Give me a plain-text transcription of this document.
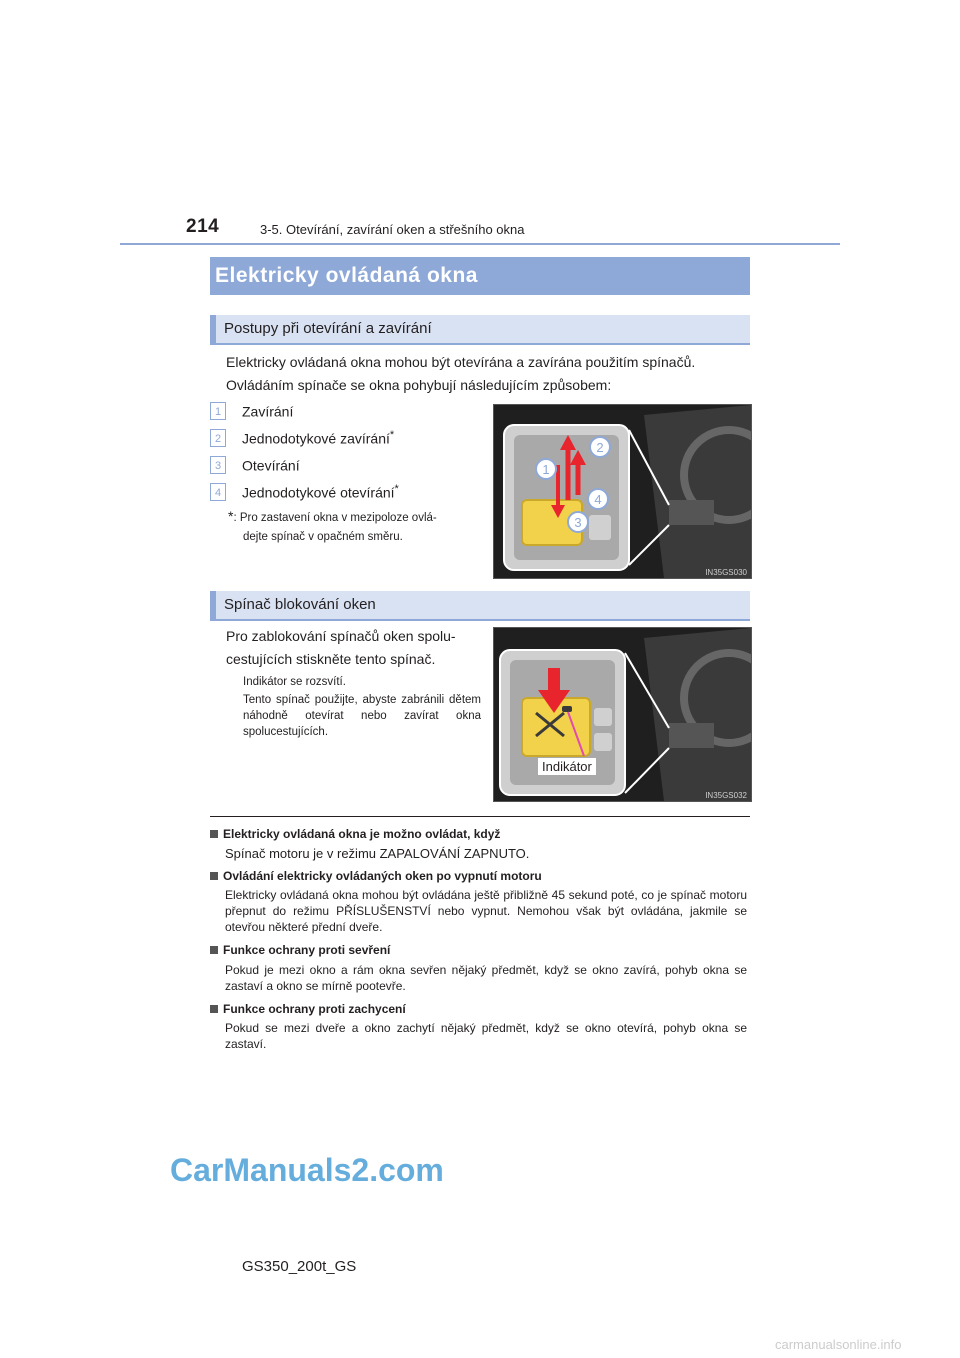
214	3-5. Otevírání, zavírání oken a střešního okna
Elektricky ovládaná okna
Postupy při otevírání a zavírání
Elektricky ovládaná okna mohou být otevírána a zavírána použitím spínačů.
Ovládáním spínače se okna pohybují následujícím způsobem:
1	Zavírání
2	Jednodotykové zavírání*
3	Otevírání
4	Jednodotykové otevírání*
*: Pro zastavení okna v mezipoloze ovlá-
dejte spínač v opačném směru.
1
2
3
4
IN35GS030
Spínač blokování oken
Pro zablokování spínačů oken spolu-
cestujících stiskněte tento spínač.
Indikátor se rozsvítí.
Tento spínač použijte, abyste zabránili dětem náhodně otevírat nebo zavírat okna spolucestujících.
Indikátor
IN35GS032
Elektricky ovládaná okna je možno ovládat, když
Spínač motoru je v režimu ZAPALOVÁNÍ ZAPNUTO.
Ovládání elektricky ovládaných oken po vypnutí motoru
Elektricky ovládaná okna mohou být ovládána ještě přibližně 45 sekund poté, co je spínač motoru přepnut do režimu PŘÍSLUŠENSTVÍ nebo vypnut. Nemohou však být ovládána, jakmile se otevřou některé přední dveře.
Funkce ochrany proti sevření
Pokud je mezi okno a rám okna sevřen nějaký předmět, když se okno zavírá, pohyb okna se zastaví a okno se mírně pootevře.
Funkce ochrany proti zachycení
Pokud se mezi dveře a okno zachytí nějaký předmět, když se okno otevírá, pohyb okna se zastaví.
CarManuals2.com
GS350_200t_GS
carmanualsonline.info
